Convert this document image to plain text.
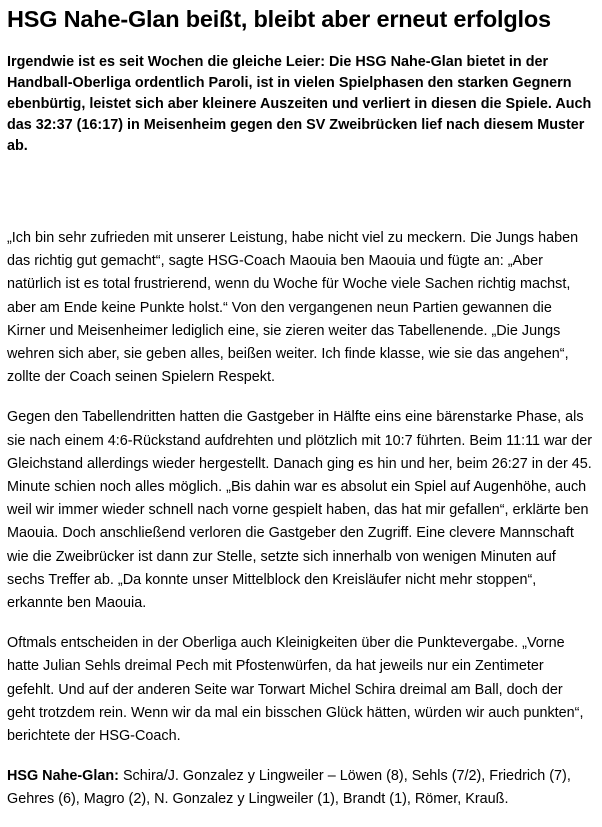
HSG Nahe-Glan beißt, bleibt aber erneut erfolglos

Irgendwie ist es seit Wochen die gleiche Leier: Die HSG Nahe-Glan bietet in der Handball-Oberliga ordentlich Paroli, ist in vielen Spielphasen den starken Gegnern ebenbürtig, leistet sich aber kleinere Auszeiten und verliert in diesen die Spiele. Auch das 32:37 (16:17) in Meisenheim gegen den SV Zweibrücken lief nach diesem Muster ab.

„Ich bin sehr zufrieden mit unserer Leistung, habe nicht viel zu meckern. Die Jungs haben das richtig gut gemacht“, sagte HSG-Coach Maouia ben Maouia und fügte an: „Aber natürlich ist es total frustrierend, wenn du Woche für Woche viele Sachen richtig machst, aber am Ende keine Punkte holst.“ Von den vergangenen neun Partien gewannen die Kirner und Meisenheimer lediglich eine, sie zieren weiter das Tabellenende. „Die Jungs wehren sich aber, sie geben alles, beißen weiter. Ich finde klasse, wie sie das angehen“, zollte der Coach seinen Spielern Respekt.

Gegen den Tabellendritten hatten die Gastgeber in Hälfte eins eine bärenstarke Phase, als sie nach einem 4:6-Rückstand aufdrehten und plötzlich mit 10:7 führten. Beim 11:11 war der Gleichstand allerdings wieder hergestellt. Danach ging es hin und her, beim 26:27 in der 45. Minute schien noch alles möglich. „Bis dahin war es absolut ein Spiel auf Augenhöhe, auch weil wir immer wieder schnell nach vorne gespielt haben, das hat mir gefallen“, erklärte ben Maouia. Doch anschließend verloren die Gastgeber den Zugriff. Eine clevere Mannschaft wie die Zweibrücker ist dann zur Stelle, setzte sich innerhalb von wenigen Minuten auf sechs Treffer ab. „Da konnte unser Mittelblock den Kreisläufer nicht mehr stoppen“, erkannte ben Maouia.

Oftmals entscheiden in der Oberliga auch Kleinigkeiten über die Punktevergabe. „Vorne hatte Julian Sehls dreimal Pech mit Pfostenwürfen, da hat jeweils nur ein Zentimeter gefehlt. Und auf der anderen Seite war Torwart Michel Schira dreimal am Ball, doch der geht trotzdem rein. Wenn wir da mal ein bisschen Glück hätten, würden wir auch punkten“, berichtete der HSG-Coach.

HSG Nahe-Glan: Schira/J. Gonzalez y Lingweiler – Löwen (8), Sehls (7/2), Friedrich (7), Gehres (6), Magro (2), N. Gonzalez y Lingweiler (1), Brandt (1), Römer, Krauß.
